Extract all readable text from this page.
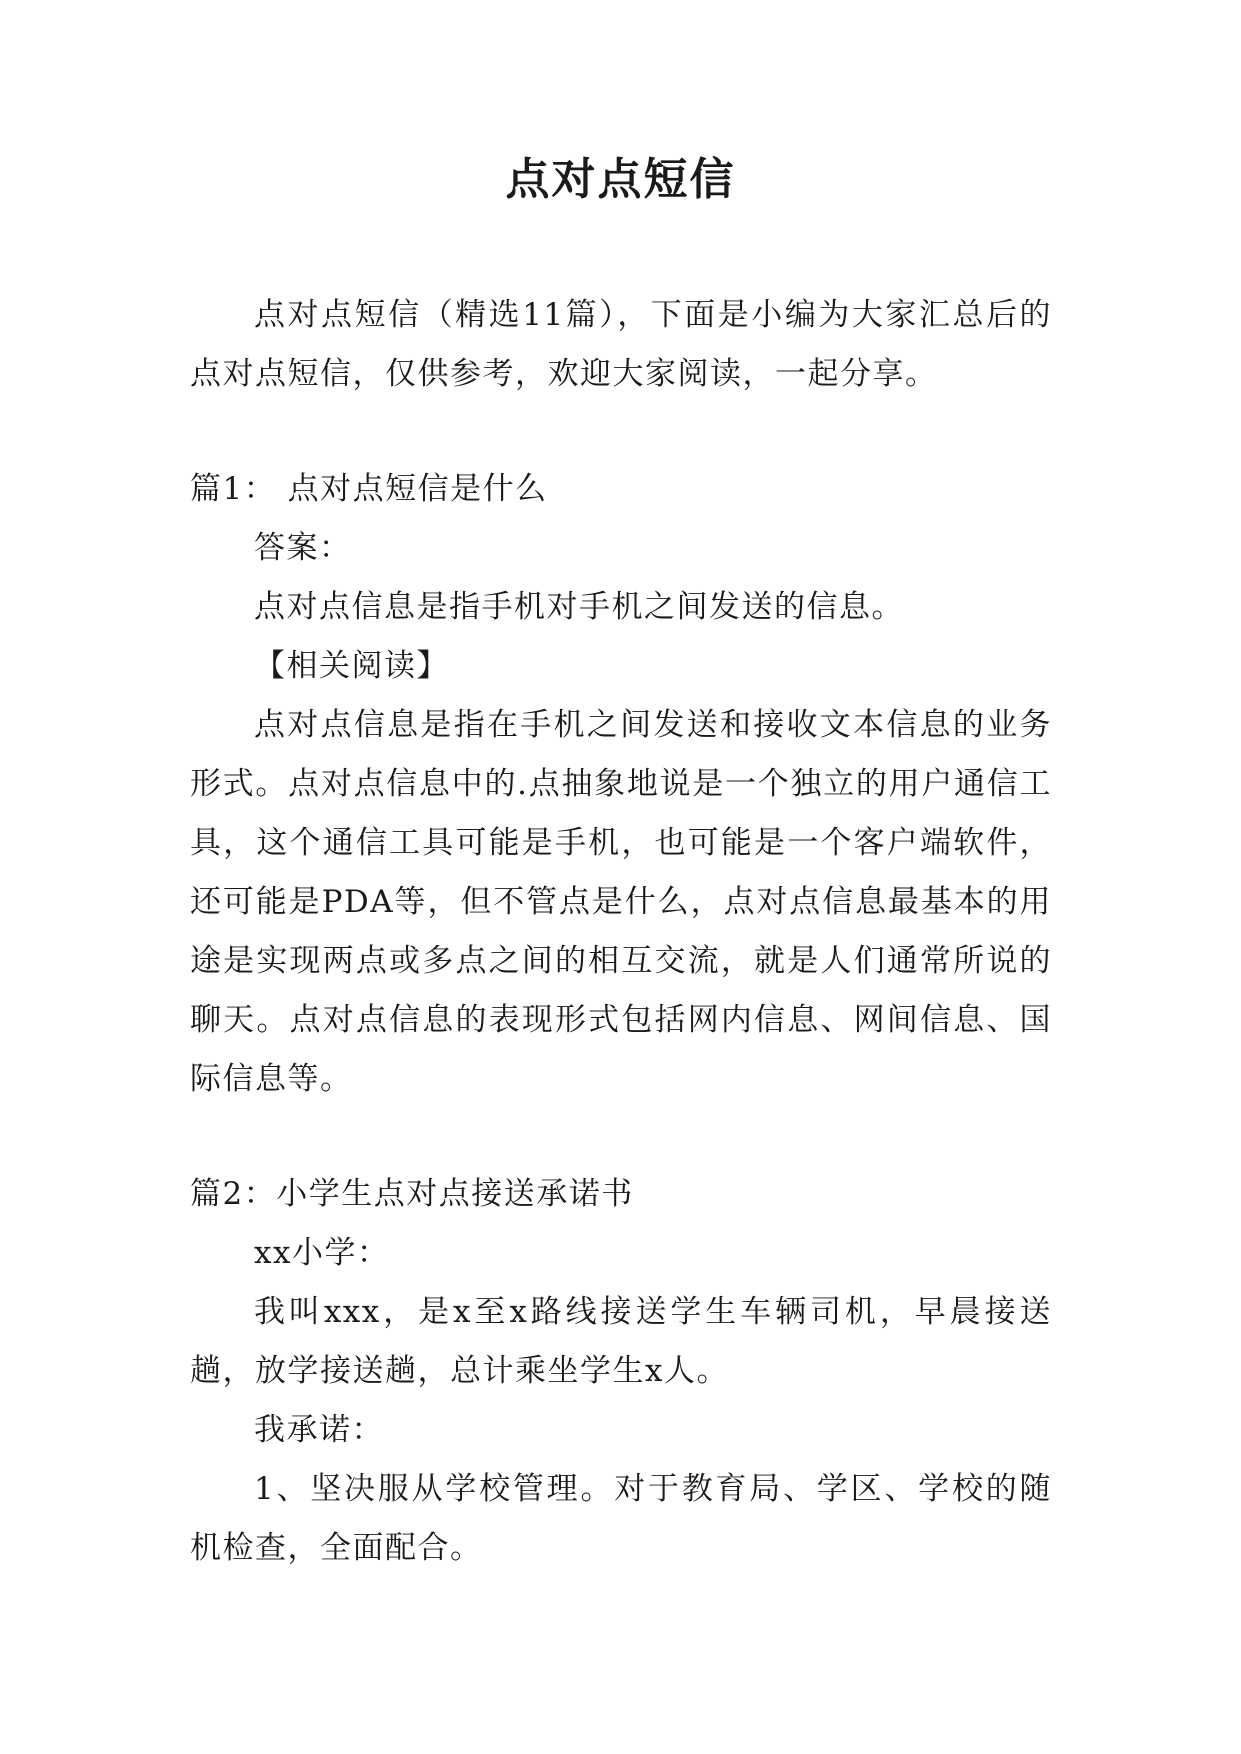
点对点短信

点对点短信（精选11篇），下面是小编为大家汇总后的点对点短信，仅供参考，欢迎大家阅读，一起分享。

篇1： 点对点短信是什么

答案：

点对点信息是指手机对手机之间发送的信息。

【相关阅读】

点对点信息是指在手机之间发送和接收文本信息的业务形式。点对点信息中的.点抽象地说是一个独立的用户通信工具，这个通信工具可能是手机，也可能是一个客户端软件，还可能是PDA等，但不管点是什么，点对点信息最基本的用途是实现两点或多点之间的相互交流，就是人们通常所说的聊天。点对点信息的表现形式包括网内信息、网间信息、国际信息等。

篇2：小学生点对点接送承诺书

xx小学：

我叫xxx，是x至x路线接送学生车辆司机，早晨接送趟，放学接送趟，总计乘坐学生x人。

我承诺：

1、坚决服从学校管理。对于教育局、学区、学校的随机检查，全面配合。
